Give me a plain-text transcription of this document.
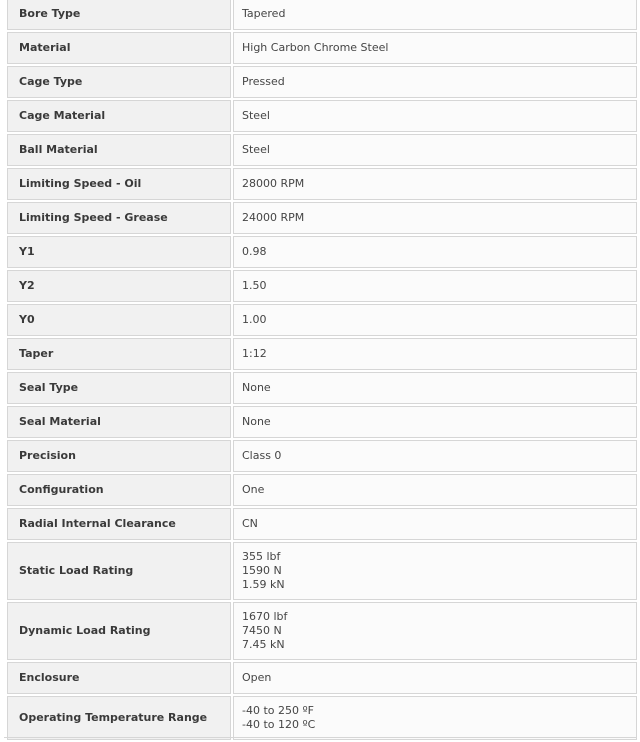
Bore Type	Tapered

Material	High Carbon Chrome Steel

Cage Type	Pressed

Cage Material	Steel

Ball Material	Steel

Limiting Speed - Oil	28000 RPM

Limiting Speed - Grease	24000 RPM

Y1	0.98

Y2	1.50

Y0	1.00

Taper	1:12

Seal Type	None

Seal Material	None

Precision	Class 0

Configuration	One

Radial Internal Clearance	CN

Static Load Rating	355 lbf
1590 N
1.59 kN

Dynamic Load Rating	1670 lbf
7450 N
7.45 kN

Enclosure	Open

Operating Temperature Range	-40 to 250 ºF
-40 to 120 ºC
